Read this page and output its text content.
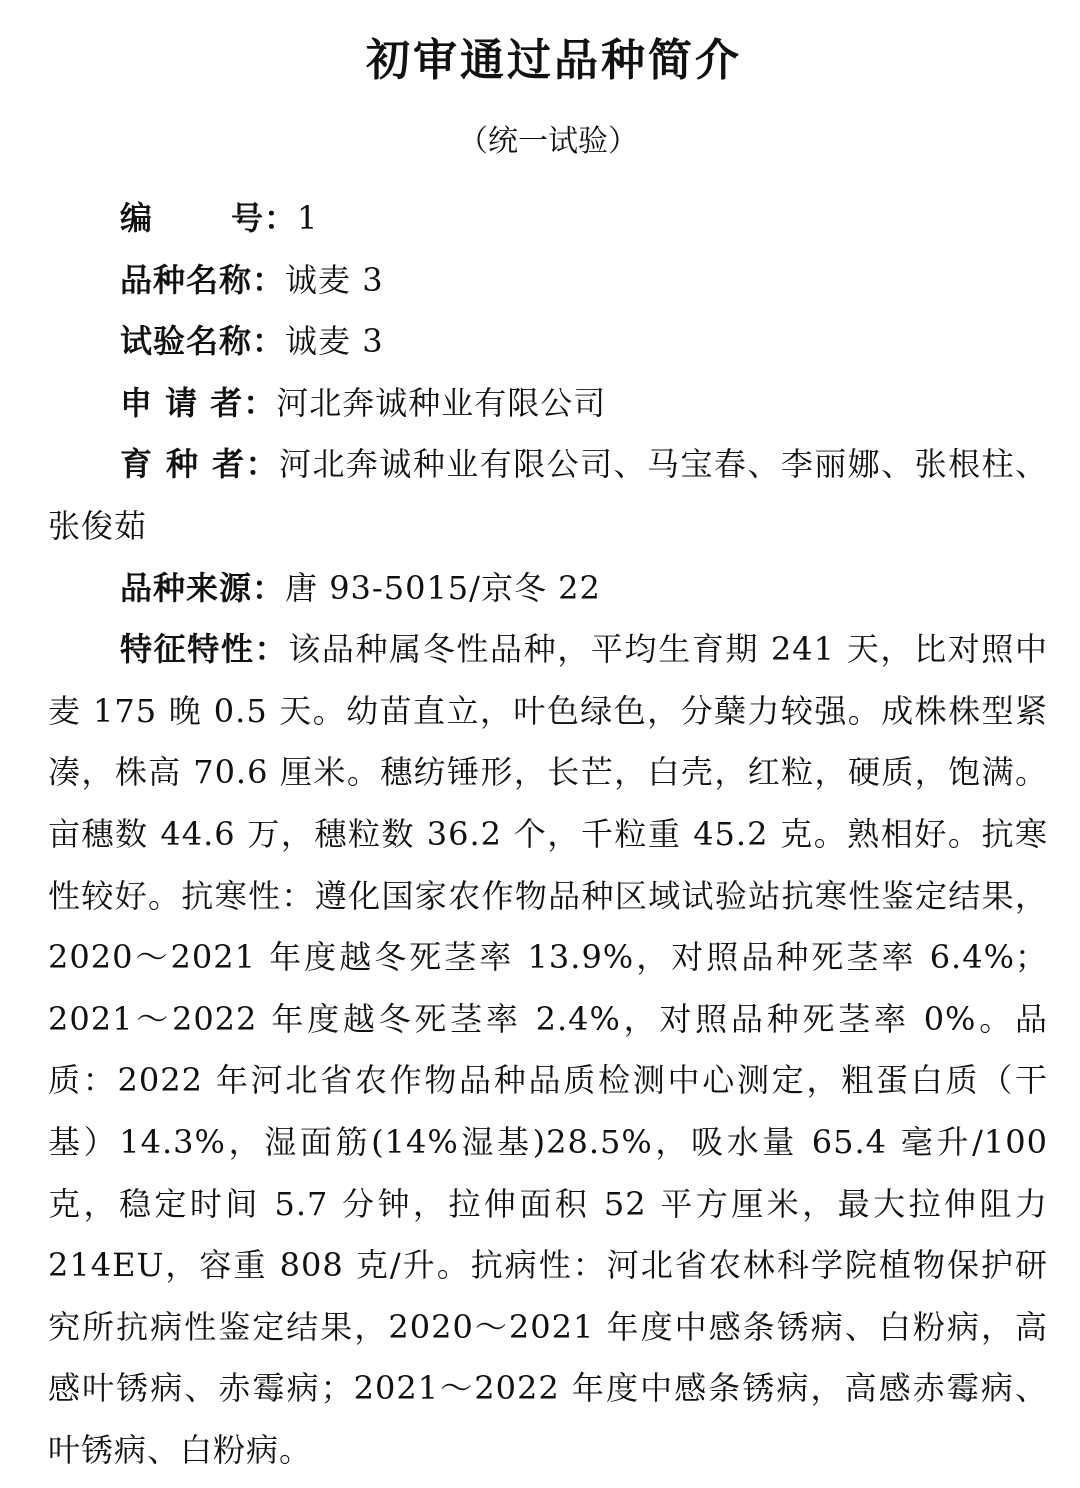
初审通过品种简介
（统一试验）

编 号：1

品种名称：诚麦 3

试验名称：诚麦 3

申 请 者：河北奔诚种业有限公司

育 种 者：河北奔诚种业有限公司、马宝春、李丽娜、张根柱、张俊茹

品种来源：唐 93-5015/京冬 22

特征特性：该品种属冬性品种，平均生育期 241 天，比对照中麦 175 晚 0.5 天。幼苗直立，叶色绿色，分蘖力较强。成株株型紧凑，株高 70.6 厘米。穗纺锤形，长芒，白壳，红粒，硬质，饱满。亩穗数 44.6 万，穗粒数 36.2 个，千粒重 45.2 克。熟相好。抗寒性较好。抗寒性：遵化国家农作物品种区域试验站抗寒性鉴定结果，2020～2021 年度越冬死茎率 13.9%，对照品种死茎率 6.4%；2021～2022 年度越冬死茎率 2.4%，对照品种死茎率 0%。品质：2022 年河北省农作物品种品质检测中心测定，粗蛋白质（干基）14.3%，湿面筋(14%湿基)28.5%，吸水量 65.4 毫升/100 克，稳定时间 5.7 分钟，拉伸面积 52 平方厘米，最大拉伸阻力 214EU，容重 808 克/升。抗病性：河北省农林科学院植物保护研究所抗病性鉴定结果，2020～2021 年度中感条锈病、白粉病，高感叶锈病、赤霉病；2021～2022 年度中感条锈病，高感赤霉病、叶锈病、白粉病。
